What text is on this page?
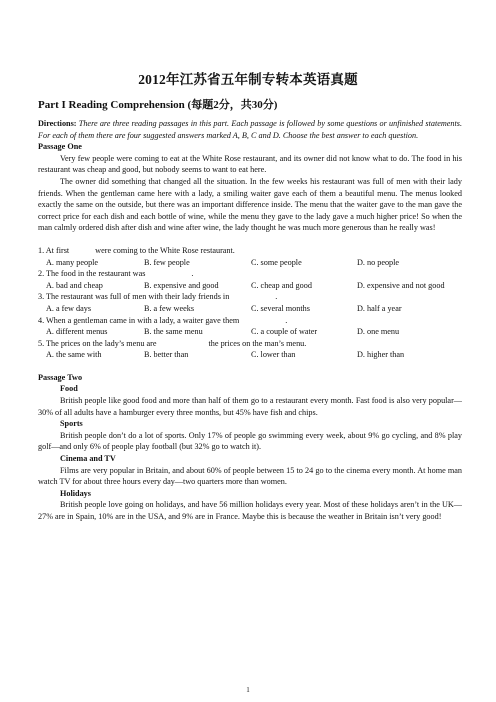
2012年江苏省五年制专转本英语真题
Part I Reading Comprehension (每题2分，共30分)

Directions: There are three reading passages in this part. Each passage is followed by some questions or unfinished statements. For each of them there are four suggested answers marked A, B, C and D. Choose the best answer to each question.

Passage One

Very few people were coming to eat at the White Rose restaurant, and its owner did not know what to do. The food in his restaurant was cheap and good, but nobody seems to want to eat here.

The owner did something that changed all the situation. In the few weeks his restaurant was full of men with their lady friends. When the gentleman came here with a lady, a smiling waiter gave each of them a beautiful menu. The menus looked exactly the same on the outside, but there was an important difference inside. The menu that the waiter gave to the man gave the correct price for each dish and each bottle of wine, while the menu they gave to the lady gave a much higher price! So when the man calmly ordered dish after dish and wine after wine, the lady thought he was much more generous than he really was!

1. At first	were coming to the White Rose restaurant.

A. many people	B. few people	C. some people	D. no people

2. The food in the restaurant was	.

A. bad and cheap	B. expensive and good	C. cheap and good	D. expensive and not good

3. The restaurant was full of men with their lady friends in	.

A. a few days	B. a few weeks	C. several months	D. half a year

4. When a gentleman came in with a lady, a waiter gave them	.

A. different menus	B. the same menu	C. a couple of water	D. one menu

5. The prices on the lady’s menu are	the prices on the man’s menu.

A. the same with	B. better than	C. lower than	D. higher than

Passage Two

Food

British people like good food and more than half of them go to a restaurant every month. Fast food is also very popular—30% of all adults have a hamburger every three months, but 45% have fish and chips.

Sports

British people don’t do a lot of sports. Only 17% of people go swimming every week, about 9% go cycling, and 8% play golf—and only 6% of people play football (but 32% go to watch it).

Cinema and TV

Films are very popular in Britain, and about 60% of people between 15 to 24 go to the cinema every month. At home man watch TV for about three hours every day—two quarters more than women.

Holidays

British people love going on holidays, and have 56 million holidays every year. Most of these holidays aren’t in the UK—27% are in Spain, 10% are in the USA, and 9% are in France. Maybe this is because the weather in Britain isn’t very good!

1
